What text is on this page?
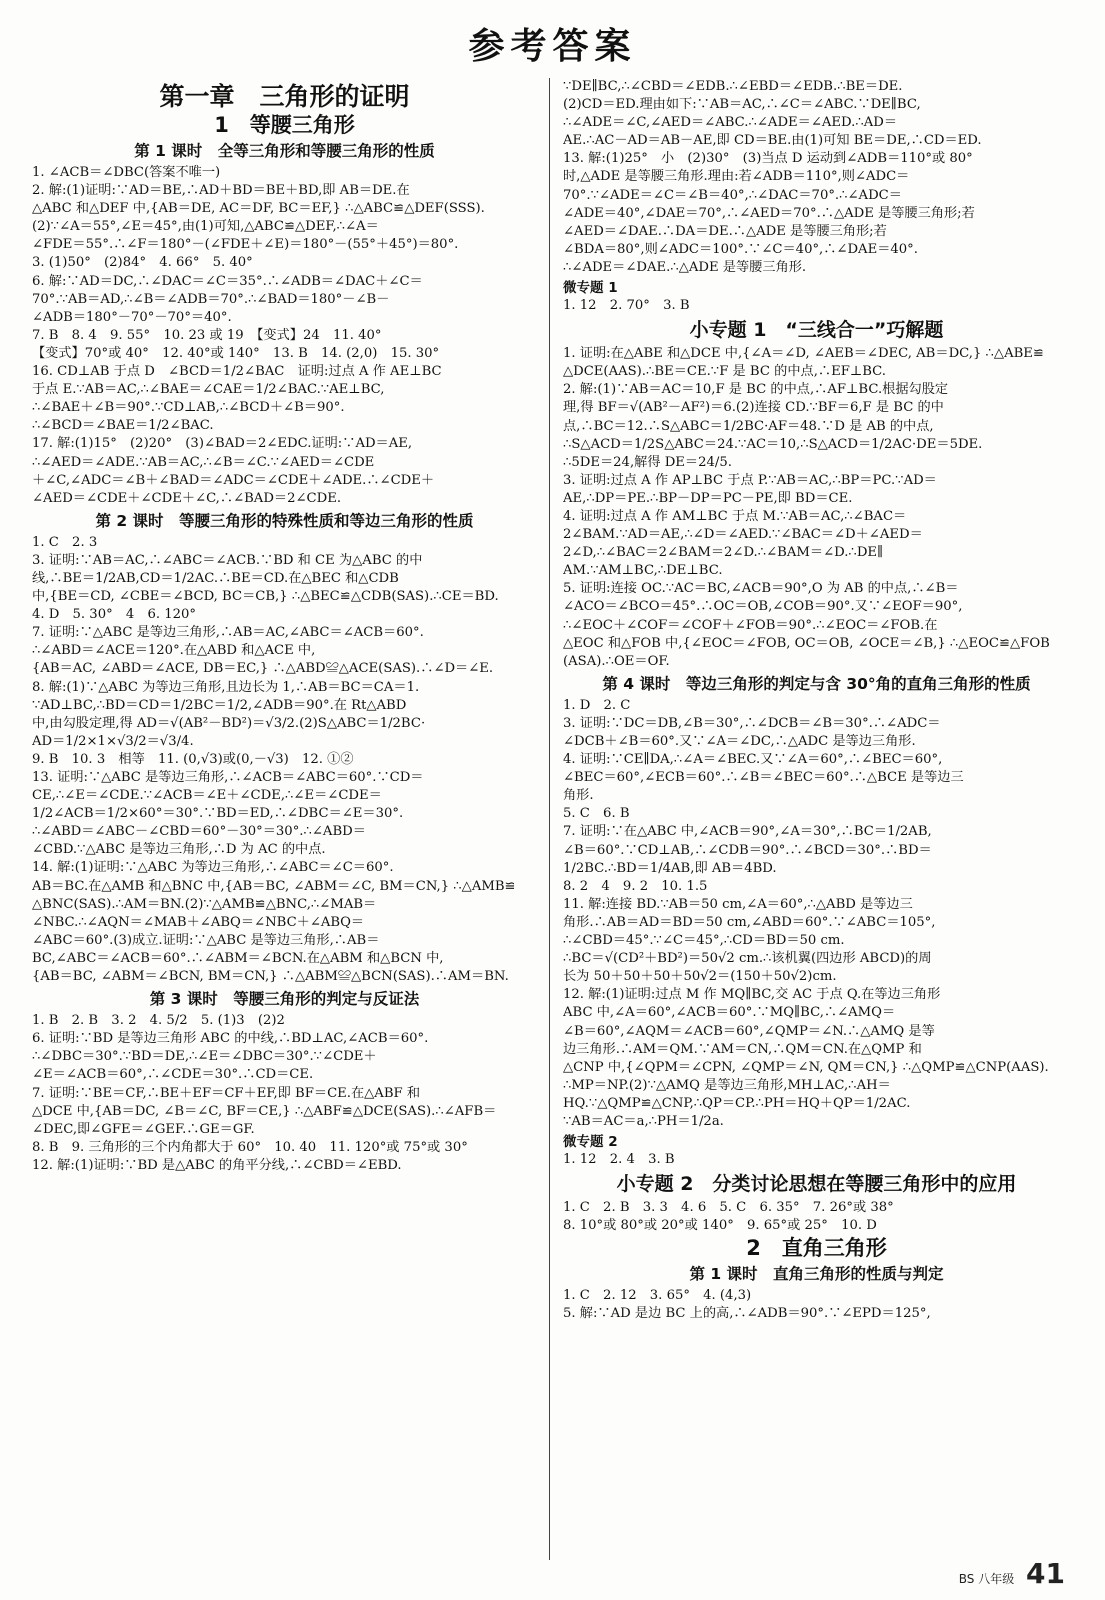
参考答案
第一章　三角形的证明
1　等腰三角形
第 1 课时　全等三角形和等腰三角形的性质
1. ∠ACB＝∠DBC(答案不唯一)
2. 解:(1)证明:∵AD＝BE,∴AD＋BD＝BE＋BD,即 AB＝DE.在
△ABC 和△DEF 中,{AB＝DE, AC＝DF, BC＝EF,} ∴△ABC≌△DEF(SSS).
(2)∵∠A＝55°,∠E＝45°,由(1)可知,△ABC≌△DEF,∴∠A＝
∠FDE＝55°.∴∠F＝180°－(∠FDE＋∠E)＝180°－(55°＋45°)＝80°.
3. (1)50°　(2)84°　4. 66°　5. 40°
6. 解:∵AD＝DC,∴∠DAC＝∠C＝35°.∴∠ADB＝∠DAC＋∠C＝
70°.∵AB＝AD,∴∠B＝∠ADB＝70°.∴∠BAD＝180°－∠B－
∠ADB＝180°－70°－70°＝40°.
7. B　8. 4　9. 55°　10. 23 或 19　【变式】24　11. 40°
【变式】70°或 40°　12. 40°或 140°　13. B　14. (2,0)　15. 30°
16. CD⊥AB 于点 D　∠BCD＝1/2∠BAC　证明:过点 A 作 AE⊥BC
于点 E.∵AB＝AC,∴∠BAE＝∠CAE＝1/2∠BAC.∵AE⊥BC,
∴∠BAE＋∠B＝90°.∵CD⊥AB,∴∠BCD＋∠B＝90°.
∴∠BCD＝∠BAE＝1/2∠BAC.
17. 解:(1)15°　(2)20°　(3)∠BAD＝2∠EDC.证明:∵AD＝AE,
∴∠AED＝∠ADE.∵AB＝AC,∴∠B＝∠C.∵∠AED＝∠CDE
＋∠C,∠ADC＝∠B＋∠BAD＝∠ADC＝∠CDE＋∠ADE.∴∠CDE＋
∠AED＝∠CDE＋∠CDE＋∠C,∴∠BAD＝2∠CDE.
第 2 课时　等腰三角形的特殊性质和等边三角形的性质
1. C　2. 3
3. 证明:∵AB＝AC,∴∠ABC＝∠ACB.∵BD 和 CE 为△ABC 的中
线,∴BE＝1/2AB,CD＝1/2AC.∴BE＝CD.在△BEC 和△CDB
中,{BE＝CD, ∠CBE＝∠BCD, BC＝CB,} ∴△BEC≌△CDB(SAS).∴CE＝BD.
4. D　5. 30°　4　6. 120°
7. 证明:∵△ABC 是等边三角形,∴AB＝AC,∠ABC＝∠ACB＝60°.
∴∠ABD＝∠ACE＝120°.在△ABD 和△ACE 中,
{AB＝AC, ∠ABD＝∠ACE, DB＝EC,} ∴△ABD≌△ACE(SAS).∴∠D＝∠E.
8. 解:(1)∵△ABC 为等边三角形,且边长为 1,∴AB＝BC＝CA＝1.
∵AD⊥BC,∴BD＝CD＝1/2BC＝1/2,∠ADB＝90°.在 Rt△ABD
中,由勾股定理,得 AD＝√(AB²－BD²)＝√3/2.(2)S△ABC＝1/2BC·
AD＝1/2×1×√3/2＝√3/4.
9. B　10. 3　相等　11. (0,√3)或(0,－√3)　12. ①②
13. 证明:∵△ABC 是等边三角形,∴∠ACB＝∠ABC＝60°.∵CD＝
CE,∴∠E＝∠CDE.∵∠ACB＝∠E＋∠CDE,∴∠E＝∠CDE＝
1/2∠ACB＝1/2×60°＝30°.∵BD＝ED,∴∠DBC＝∠E＝30°.
∴∠ABD＝∠ABC－∠CBD＝60°－30°＝30°.∴∠ABD＝
∠CBD.∵△ABC 是等边三角形,∴D 为 AC 的中点.
14. 解:(1)证明:∵△ABC 为等边三角形,∴∠ABC＝∠C＝60°.
AB＝BC.在△AMB 和△BNC 中,{AB＝BC, ∠ABM＝∠C, BM＝CN,} ∴△AMB≌
△BNC(SAS).∴AM＝BN.(2)∵△AMB≌△BNC,∴∠MAB＝
∠NBC.∴∠AQN＝∠MAB＋∠ABQ＝∠NBC＋∠ABQ＝
∠ABC＝60°.(3)成立.证明:∵△ABC 是等边三角形,∴AB＝
BC,∠ABC＝∠ACB＝60°.∴∠ABM＝∠BCN.在△ABM 和△BCN 中,
{AB＝BC, ∠ABM＝∠BCN, BM＝CN,} ∴△ABM≌△BCN(SAS).∴AM＝BN.
第 3 课时　等腰三角形的判定与反证法
1. B　2. B　3. 2　4. 5/2　5. (1)3　(2)2
6. 证明:∵BD 是等边三角形 ABC 的中线,∴BD⊥AC,∠ACB＝60°.
∴∠DBC＝30°.∵BD＝DE,∴∠E＝∠DBC＝30°.∵∠CDE＋
∠E＝∠ACB＝60°,∴∠CDE＝30°.∴CD＝CE.
7. 证明:∵BE＝CF,∴BE＋EF＝CF＋EF,即 BF＝CE.在△ABF 和
△DCE 中,{AB＝DC, ∠B＝∠C, BF＝CE,} ∴△ABF≌△DCE(SAS).∴∠AFB＝
∠DEC,即∠GFE＝∠GEF.∴GE＝GF.
8. B　9. 三角形的三个内角都大于 60°　10. 40　11. 120°或 75°或 30°
12. 解:(1)证明:∵BD 是△ABC 的角平分线,∴∠CBD＝∠EBD.
∵DE∥BC,∴∠CBD＝∠EDB.∴∠EBD＝∠EDB.∴BE＝DE.
(2)CD＝ED.理由如下:∵AB＝AC,∴∠C＝∠ABC.∵DE∥BC,
∴∠ADE＝∠C,∠AED＝∠ABC.∴∠ADE＝∠AED.∴AD＝
AE.∴AC－AD＝AB－AE,即 CD＝BE.由(1)可知 BE＝DE,∴CD＝ED.
13. 解:(1)25°　小　(2)30°　(3)当点 D 运动到∠ADB＝110°或 80°
时,△ADE 是等腰三角形.理由:若∠ADB＝110°,则∠ADC＝
70°.∵∠ADE＝∠C＝∠B＝40°,∴∠DAC＝70°.∴∠ADC＝
∠ADE＝40°,∠DAE＝70°,∴∠AED＝70°.∴△ADE 是等腰三角形;若
∠AED＝∠DAE.∴DA＝DE.∴△ADE 是等腰三角形;若
∠BDA＝80°,则∠ADC＝100°.∵∠C＝40°,∴∠DAE＝40°.
∴∠ADE＝∠DAE.∴△ADE 是等腰三角形.
微专题 1
1. 12　2. 70°　3. B
小专题 1　“三线合一”巧解题
1. 证明:在△ABE 和△DCE 中,{∠A＝∠D, ∠AEB＝∠DEC, AB＝DC,} ∴△ABE≌
△DCE(AAS).∴BE＝CE.∵F 是 BC 的中点,∴EF⊥BC.
2. 解:(1)∵AB＝AC＝10,F 是 BC 的中点,∴AF⊥BC.根据勾股定
理,得 BF＝√(AB²－AF²)＝6.(2)连接 CD.∵BF＝6,F 是 BC 的中
点,∴BC＝12.∴S△ABC＝1/2BC·AF＝48.∵D 是 AB 的中点,
∴S△ACD＝1/2S△ABC＝24.∵AC＝10,∴S△ACD＝1/2AC·DE＝5DE.
∴5DE＝24,解得 DE＝24/5.
3. 证明:过点 A 作 AP⊥BC 于点 P.∵AB＝AC,∴BP＝PC.∵AD＝
AE,∴DP＝PE.∴BP－DP＝PC－PE,即 BD＝CE.
4. 证明:过点 A 作 AM⊥BC 于点 M.∵AB＝AC,∴∠BAC＝
2∠BAM.∵AD＝AE,∴∠D＝∠AED.∵∠BAC＝∠D＋∠AED＝
2∠D,∴∠BAC＝2∠BAM＝2∠D.∴∠BAM＝∠D.∴DE∥
AM.∵AM⊥BC,∴DE⊥BC.
5. 证明:连接 OC.∵AC＝BC,∠ACB＝90°,O 为 AB 的中点,∴∠B＝
∠ACO＝∠BCO＝45°.∴OC＝OB,∠COB＝90°.又∵∠EOF＝90°,
∴∠EOC＋∠COF＝∠COF＋∠FOB＝90°.∴∠EOC＝∠FOB.在
△EOC 和△FOB 中,{∠EOC＝∠FOB, OC＝OB, ∠OCE＝∠B,} ∴△EOC≌△FOB
(ASA).∴OE＝OF.
第 4 课时　等边三角形的判定与含 30°角的直角三角形的性质
1. D　2. C
3. 证明:∵DC＝DB,∠B＝30°,∴∠DCB＝∠B＝30°.∴∠ADC＝
∠DCB＋∠B＝60°.又∵∠A＝∠DC,∴△ADC 是等边三角形.
4. 证明:∵CE∥DA,∴∠A＝∠BEC.又∵∠A＝60°,∴∠BEC＝60°,
∠BEC＝60°,∠ECB＝60°.∴∠B＝∠BEC＝60°.∴△BCE 是等边三
角形.
5. C　6. B
7. 证明:∵在△ABC 中,∠ACB＝90°,∠A＝30°,∴BC＝1/2AB,
∠B＝60°.∵CD⊥AB,∴∠CDB＝90°.∴∠BCD＝30°.∴BD＝
1/2BC.∴BD＝1/4AB,即 AB＝4BD.
8. 2　4　9. 2　10. 1.5
11. 解:连接 BD.∵AB＝50 cm,∠A＝60°,∴△ABD 是等边三
角形.∴AB＝AD＝BD＝50 cm,∠ABD＝60°.∵∠ABC＝105°,
∴∠CBD＝45°.∵∠C＝45°,∴CD＝BD＝50 cm.
∴BC＝√(CD²＋BD²)＝50√2 cm.∴该机翼(四边形 ABCD)的周
长为 50＋50＋50＋50√2＝(150＋50√2)cm.
12. 解:(1)证明:过点 M 作 MQ∥BC,交 AC 于点 Q.在等边三角形
ABC 中,∠A＝60°,∠ACB＝60°.∵MQ∥BC,∴∠AMQ＝
∠B＝60°,∠AQM＝∠ACB＝60°,∠QMP＝∠N.∴△AMQ 是等
边三角形.∴AM＝QM.∵AM＝CN,∴QM＝CN.在△QMP 和
△CNP 中,{∠QPM＝∠CPN, ∠QMP＝∠N, QM＝CN,} ∴△QMP≌△CNP(AAS).
∴MP＝NP.(2)∵△AMQ 是等边三角形,MH⊥AC,∴AH＝
HQ.∵△QMP≌△CNP,∴QP＝CP.∴PH＝HQ＋QP＝1/2AC.
∵AB＝AC＝a,∴PH＝1/2a.
微专题 2
1. 12　2. 4　3. B
小专题 2　分类讨论思想在等腰三角形中的应用
1. C　2. B　3. 3　4. 6　5. C　6. 35°　7. 26°或 38°
8. 10°或 80°或 20°或 140°　9. 65°或 25°　10. D
2　直角三角形
第 1 课时　直角三角形的性质与判定
1. C　2. 12　3. 65°　4. (4,3)
5. 解:∵AD 是边 BC 上的高,∴∠ADB＝90°.∵∠EPD＝125°,
BS 八年级 41
